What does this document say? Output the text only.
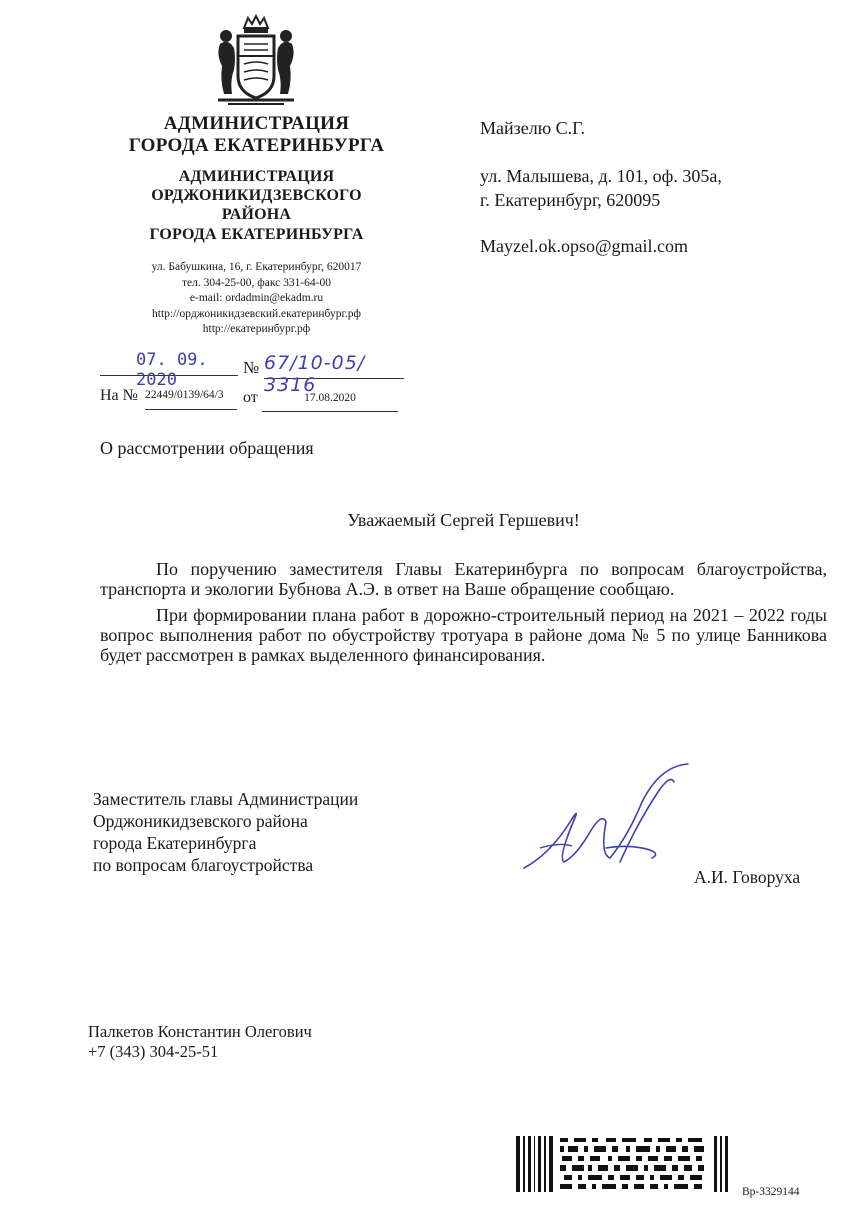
АДМИНИСТРАЦИЯ
ГОРОДА ЕКАТЕРИНБУРГА
АДМИНИСТРАЦИЯ
ОРДЖОНИКИДЗЕВСКОГО
РАЙОНА
ГОРОДА ЕКАТЕРИНБУРГА
ул. Бабушкина, 16, г. Екатеринбург, 620017
тел. 304-25-00, факс 331-64-00
e-mail: ordadmin@ekadm.ru
http://орджоникидзевский.екатеринбург.рф
http://екатеринбург.рф
07. 09. 2020
№ 67/10-05/ 3316
На № 22449/0139/64/3	от	17.08.2020
Майзелю С.Г.
ул. Малышева, д. 101, оф. 305а,
г. Екатеринбург, 620095
Mayzel.ok.opso@gmail.com
О рассмотрении обращения
Уважаемый Сергей Гершевич!

По поручению заместителя Главы Екатеринбурга по вопросам благоустройства, транспорта и экологии Бубнова А.Э. в ответ на Ваше обращение сообщаю.

При формировании плана работ в дорожно-строительный период на 2021 – 2022 годы вопрос выполнения работ по обустройству тротуара в районе дома № 5 по улице Банникова будет рассмотрен в рамках выделенного финансирования.

Заместитель главы Администрации
Орджоникидзевского района
города Екатеринбурга
по вопросам благоустройства
А.И. Говоруха
Палкетов Константин Олегович
+7 (343) 304-25-51
Вр-3329144
